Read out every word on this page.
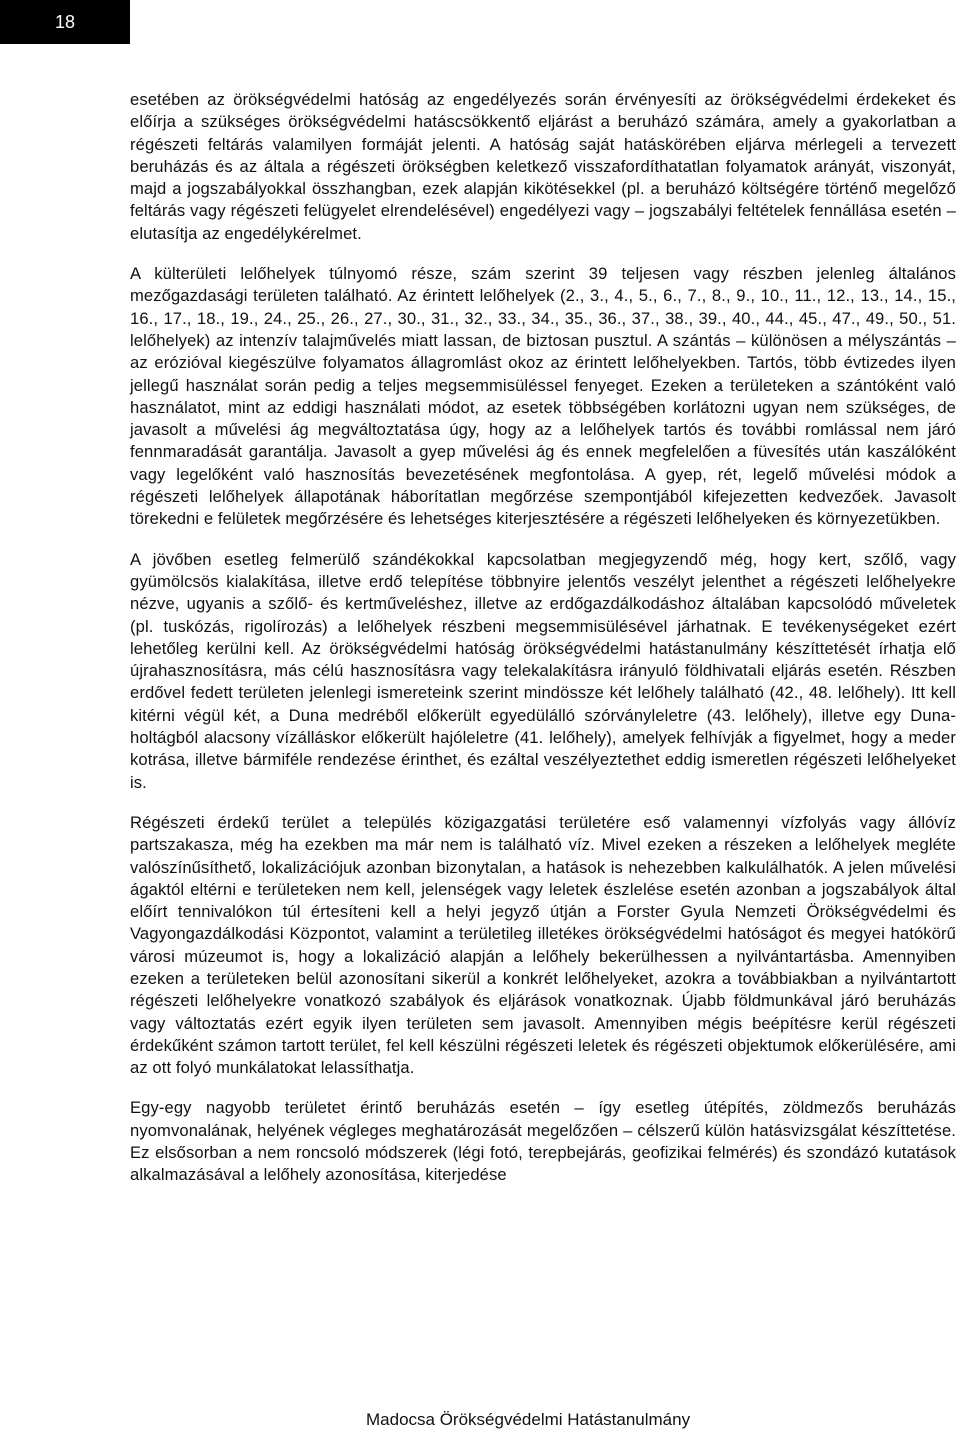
18

esetében az örökségvédelmi hatóság az engedélyezés során érvényesíti az örökségvédelmi érdekeket és előírja a szükséges örökségvédelmi hatáscsökkentő eljárást a beruházó számára, amely a gyakorlatban a régészeti feltárás valamilyen formáját jelenti. A hatóság saját hatáskörében eljárva mérlegeli a tervezett beruházás és az általa a régészeti örökségben keletkező visszafordíthatatlan folyamatok arányát, viszonyát, majd a jogszabályokkal összhangban, ezek alapján kikötésekkel (pl. a beruházó költségére történő megelőző feltárás vagy régészeti felügyelet elrendelésével) engedélyezi vagy – jogszabályi feltételek fennállása esetén – elutasítja az engedélykérelmet.

A külterületi lelőhelyek túlnyomó része, szám szerint 39 teljesen vagy részben jelenleg általános mezőgazdasági területen található. Az érintett lelőhelyek (2., 3., 4., 5., 6., 7., 8., 9., 10., 11., 12., 13., 14., 15., 16., 17., 18., 19., 24., 25., 26., 27., 30., 31., 32., 33., 34., 35., 36., 37., 38., 39., 40., 44., 45., 47., 49., 50., 51. lelőhelyek) az intenzív talajművelés miatt lassan, de biztosan pusztul. A szántás – különösen a mélyszántás – az erózióval kiegészülve folyamatos állagromlást okoz az érintett lelőhelyekben. Tartós, több évtizedes ilyen jellegű használat során pedig a teljes megsemmisüléssel fenyeget. Ezeken a területeken a szántóként való használatot, mint az eddigi használati módot, az esetek többségében korlátozni ugyan nem szükséges, de javasolt a művelési ág megváltoztatása úgy, hogy az a lelőhelyek tartós és további romlással nem járó fennmaradását garantálja. Javasolt a gyep művelési ág és ennek megfelelően a füvesítés után kaszálóként vagy legelőként való hasznosítás bevezetésének megfontolása. A gyep, rét, legelő művelési módok a régészeti lelőhelyek állapotának háborítatlan megőrzése szempontjából kifejezetten kedvezőek. Javasolt törekedni e felületek megőrzésére és lehetséges kiterjesztésére a régészeti lelőhelyeken és környezetükben.

A jövőben esetleg felmerülő szándékokkal kapcsolatban megjegyzendő még, hogy kert, szőlő, vagy gyümölcsös kialakítása, illetve erdő telepítése többnyire jelentős veszélyt jelenthet a régészeti lelőhelyekre nézve, ugyanis a szőlő- és kertműveléshez, illetve az erdőgazdálkodáshoz általában kapcsolódó műveletek (pl. tuskózás, rigolírozás) a lelőhelyek részbeni megsemmisülésével járhatnak. E tevékenységeket ezért lehetőleg kerülni kell. Az örökségvédelmi hatóság örökségvédelmi hatástanulmány készíttetését írhatja elő újrahasznosításra, más célú hasznosításra vagy telekalakításra irányuló földhivatali eljárás esetén. Részben erdővel fedett területen jelenlegi ismereteink szerint mindössze két lelőhely található (42., 48. lelőhely). Itt kell kitérni végül két, a Duna medréből előkerült egyedülálló szórványleletre (43. lelőhely), illetve egy Duna-holtágból alacsony vízálláskor előkerült hajóleletre (41. lelőhely), amelyek felhívják a figyelmet, hogy a meder kotrása, illetve bármiféle rendezése érinthet, és ezáltal veszélyeztethet eddig ismeretlen régészeti lelőhelyeket is.

Régészeti érdekű terület a település közigazgatási területére eső valamennyi vízfolyás vagy állóvíz partszakasza, még ha ezekben ma már nem is található víz. Mivel ezeken a részeken a lelőhelyek megléte valószínűsíthető, lokalizációjuk azonban bizonytalan, a hatások is nehezebben kalkulálhatók. A jelen művelési ágaktól eltérni e területeken nem kell, jelenségek vagy leletek észlelése esetén azonban a jogszabályok által előírt tennivalókon túl értesíteni kell a helyi jegyző útján a Forster Gyula Nemzeti Örökségvédelmi és Vagyongazdálkodási Központot, valamint a területileg illetékes örökségvédelmi hatóságot és megyei hatókörű városi múzeumot is, hogy a lokalizáció alapján a lelőhely bekerülhessen a nyilvántartásba. Amennyiben ezeken a területeken belül azonosítani sikerül a konkrét lelőhelyeket, azokra a továbbiakban a nyilvántartott régészeti lelőhelyekre vonatkozó szabályok és eljárások vonatkoznak. Újabb földmunkával járó beruházás vagy változtatás ezért egyik ilyen területen sem javasolt. Amennyiben mégis beépítésre kerül régészeti érdekűként számon tartott terület, fel kell készülni régészeti leletek és régészeti objektumok előkerülésére, ami az ott folyó munkálatokat lelassíthatja.

Egy-egy nagyobb területet érintő beruházás esetén – így esetleg útépítés, zöldmezős beruházás nyomvonalának, helyének végleges meghatározását megelőzően – célszerű külön hatásvizsgálat készíttetése. Ez elsősorban a nem roncsoló módszerek (légi fotó, terepbejárás, geofizikai felmérés) és szondázó kutatások alkalmazásával a lelőhely azonosítása, kiterjedése

Madocsa Örökségvédelmi Hatástanulmány
